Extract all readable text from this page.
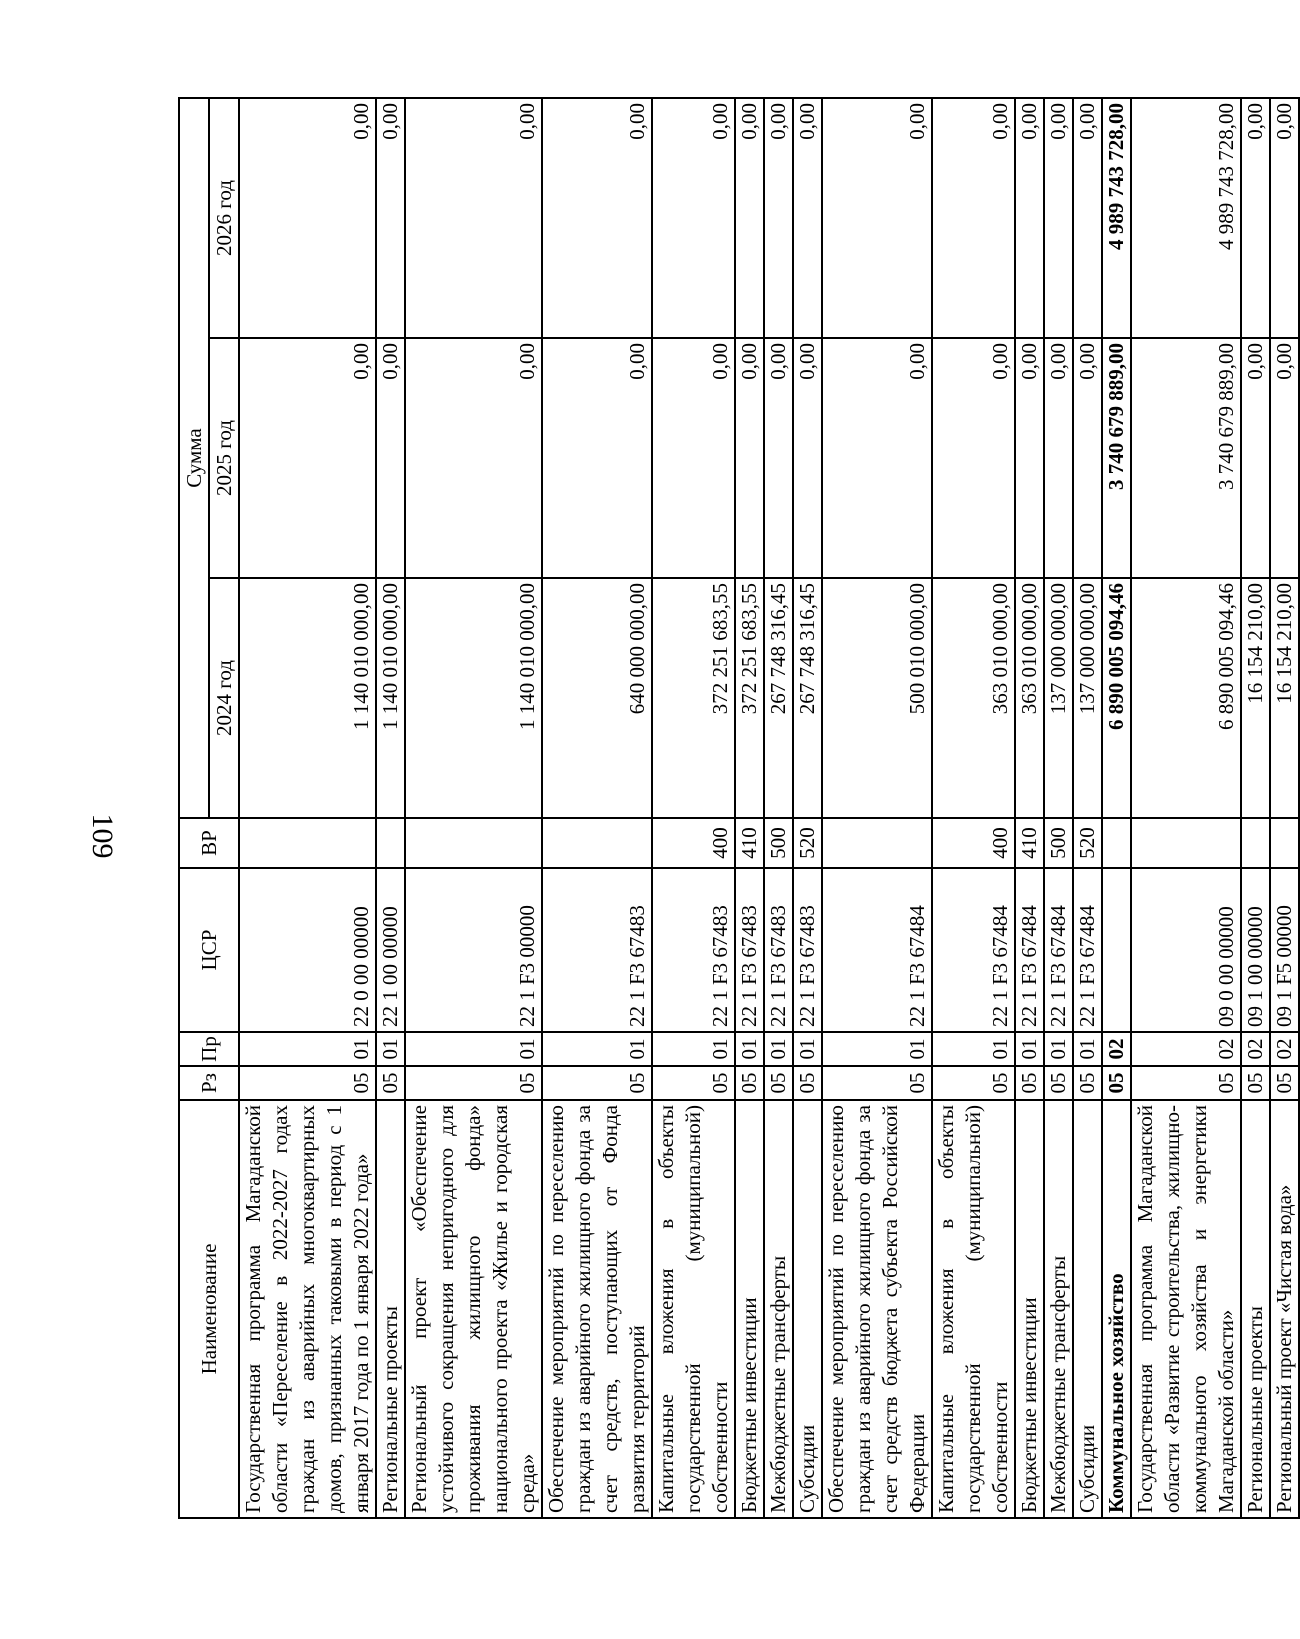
109
Наименование	Рз	Пр	ЦСР	ВР	Сумма		
					2024 год	2025 год	2026 год
Государственная программа Магаданской области «Переселение в 2022-2027 годах граждан из аварийных многоквартирных домов, признанных таковыми в период с 1 января 2017 года по 1 января 2022 года»	05	01	22 0 00 00000		1 140 010 000,00	0,00	0,00
Региональные проекты	05	01	22 1 00 00000		1 140 010 000,00	0,00	0,00
Региональный проект «Обеспечение устойчивого сокращения непригодного для проживания жилищного фонда» национального проекта «Жилье и городская среда»	05	01	22 1 F3 00000		1 140 010 000,00	0,00	0,00
Обеспечение мероприятий по переселению граждан из аварийного жилищного фонда за счет средств, поступающих от Фонда развития территорий	05	01	22 1 F3 67483		640 000 000,00	0,00	0,00
Капитальные вложения в объекты государственной (муниципальной) собственности	05	01	22 1 F3 67483	400	372 251 683,55	0,00	0,00
Бюджетные инвестиции	05	01	22 1 F3 67483	410	372 251 683,55	0,00	0,00
Межбюджетные трансферты	05	01	22 1 F3 67483	500	267 748 316,45	0,00	0,00
Субсидии	05	01	22 1 F3 67483	520	267 748 316,45	0,00	0,00
Обеспечение мероприятий по переселению граждан из аварийного жилищного фонда за счет средств бюджета субъекта Российской Федерации	05	01	22 1 F3 67484		500 010 000,00	0,00	0,00
Капитальные вложения в объекты государственной (муниципальной) собственности	05	01	22 1 F3 67484	400	363 010 000,00	0,00	0,00
Бюджетные инвестиции	05	01	22 1 F3 67484	410	363 010 000,00	0,00	0,00
Межбюджетные трансферты	05	01	22 1 F3 67484	500	137 000 000,00	0,00	0,00
Субсидии	05	01	22 1 F3 67484	520	137 000 000,00	0,00	0,00
Коммунальное хозяйство	05	02			6 890 005 094,46	3 740 679 889,00	4 989 743 728,00
Государственная программа Магаданской области «Развитие строительства, жилищно-коммунального хозяйства и энергетики Магаданской области»	05	02	09 0 00 00000		6 890 005 094,46	3 740 679 889,00	4 989 743 728,00
Региональные проекты	05	02	09 1 00 00000		16 154 210,00	0,00	0,00
Региональный проект «Чистая вода»	05	02	09 1 F5 00000		16 154 210,00	0,00	0,00
